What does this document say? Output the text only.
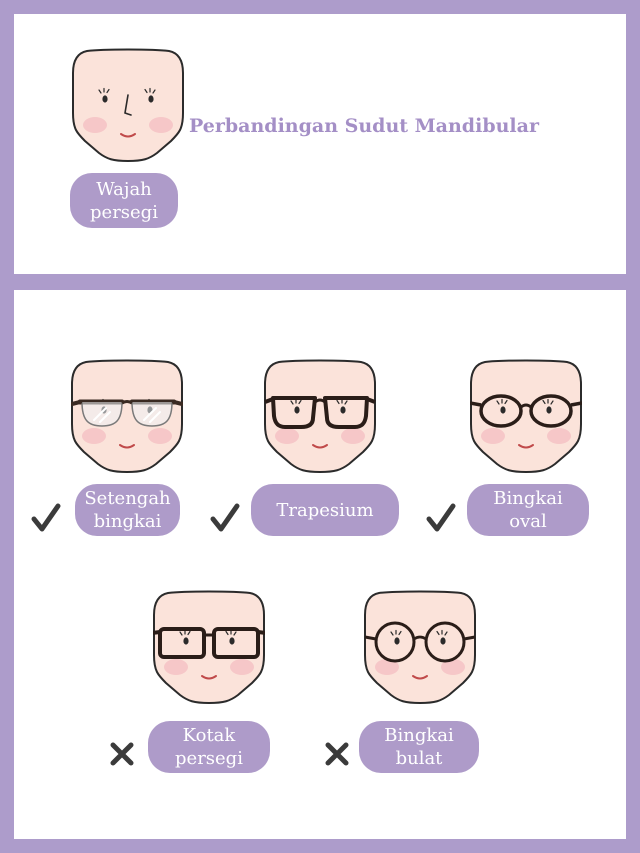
Wajah
persegi
Perbandingan Sudut Mandibular
Setengah
bingkai
Trapesium
Bingkai
oval
Kotak
persegi
Bingkai
bulat
